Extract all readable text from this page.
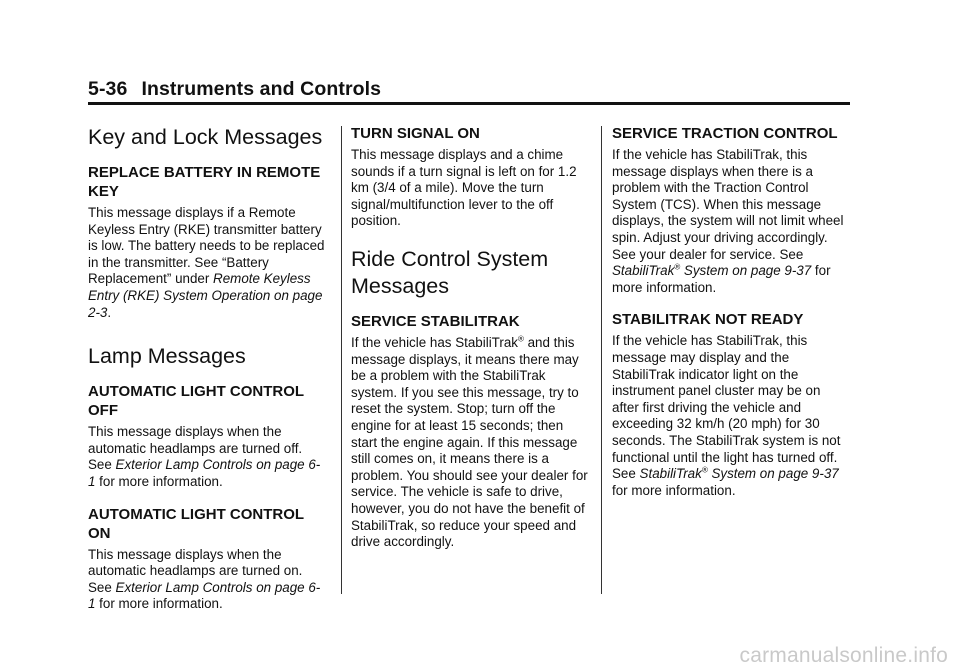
5-36 Instruments and Controls
Key and Lock Messages
REPLACE BATTERY IN REMOTE KEY

This message displays if a Remote Keyless Entry (RKE) transmitter battery is low. The battery needs to be replaced in the transmitter. See “Battery Replacement” under Remote Keyless Entry (RKE) System Operation on page 2-3.

Lamp Messages
AUTOMATIC LIGHT CONTROL OFF

This message displays when the automatic headlamps are turned off. See Exterior Lamp Controls on page 6-1 for more information.

AUTOMATIC LIGHT CONTROL ON

This message displays when the automatic headlamps are turned on. See Exterior Lamp Controls on page 6-1 for more information.

TURN SIGNAL ON

This message displays and a chime sounds if a turn signal is left on for 1.2 km (3/4 of a mile). Move the turn signal/multifunction lever to the off position.

Ride Control System Messages
SERVICE STABILITRAK

If the vehicle has StabiliTrak® and this message displays, it means there may be a problem with the StabiliTrak system. If you see this message, try to reset the system. Stop; turn off the engine for at least 15 seconds; then start the engine again. If this message still comes on, it means there is a problem. You should see your dealer for service. The vehicle is safe to drive, however, you do not have the benefit of StabiliTrak, so reduce your speed and drive accordingly.

SERVICE TRACTION CONTROL

If the vehicle has StabiliTrak, this message displays when there is a problem with the Traction Control System (TCS). When this message displays, the system will not limit wheel spin. Adjust your driving accordingly. See your dealer for service. See StabiliTrak® System on page 9-37 for more information.

STABILITRAK NOT READY

If the vehicle has StabiliTrak, this message may display and the StabiliTrak indicator light on the instrument panel cluster may be on after first driving the vehicle and exceeding 32 km/h (20 mph) for 30 seconds. The StabiliTrak system is not functional until the light has turned off. See StabiliTrak® System on page 9-37 for more information.

carmanualsonline.info
